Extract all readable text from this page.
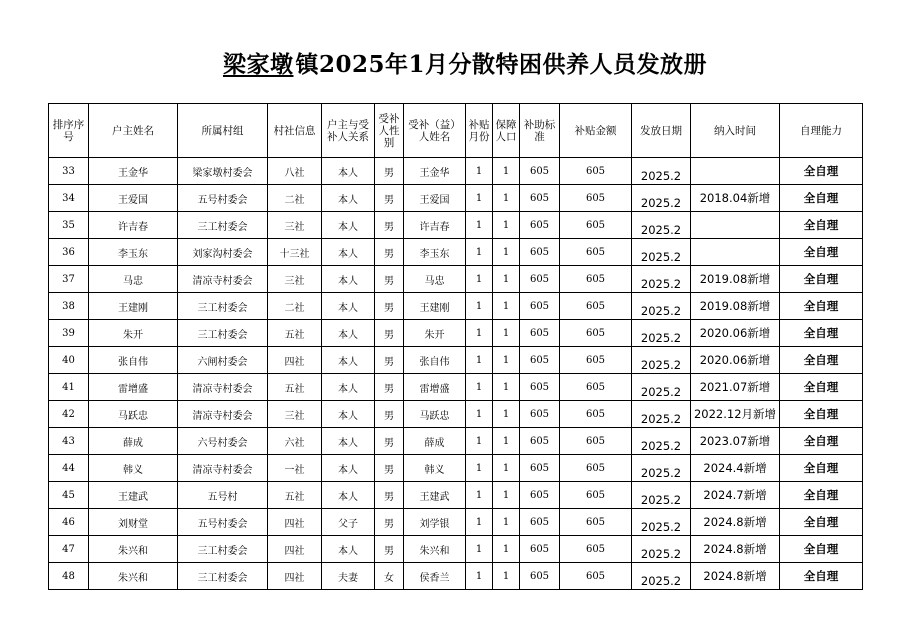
梁家墩镇2025年1月分散特困供养人员发放册
排序序号	户主姓名	所属村组	村社信息	户主与受补人关系	受补人性别	受补（益）人姓名	补贴月份	保障人口	补助标准	补贴金额	发放日期	纳入时间	自理能力
33	王金华	梁家墩村委会	八社	本人	男	王金华	1	1	605	605	2025.2		全自理
34	王爱国	五号村委会	二社	本人	男	王爱国	1	1	605	605	2025.2	2018.04新增	全自理
35	许吉春	三工村委会	三社	本人	男	许吉春	1	1	605	605	2025.2		全自理
36	李玉东	刘家沟村委会	十三社	本人	男	李玉东	1	1	605	605	2025.2		全自理
37	马忠	清凉寺村委会	三社	本人	男	马忠	1	1	605	605	2025.2	2019.08新增	全自理
38	王建刚	三工村委会	二社	本人	男	王建刚	1	1	605	605	2025.2	2019.08新增	全自理
39	朱开	三工村委会	五社	本人	男	朱开	1	1	605	605	2025.2	2020.06新增	全自理
40	张自伟	六闸村委会	四社	本人	男	张自伟	1	1	605	605	2025.2	2020.06新增	全自理
41	雷增盛	清凉寺村委会	五社	本人	男	雷增盛	1	1	605	605	2025.2	2021.07新增	全自理
42	马跃忠	清凉寺村委会	三社	本人	男	马跃忠	1	1	605	605	2025.2	2022.12月新增	全自理
43	薛成	六号村委会	六社	本人	男	薛成	1	1	605	605	2025.2	2023.07新增	全自理
44	韩义	清凉寺村委会	一社	本人	男	韩义	1	1	605	605	2025.2	2024.4新增	全自理
45	王建武	五号村	五社	本人	男	王建武	1	1	605	605	2025.2	2024.7新增	全自理
46	刘财堂	五号村委会	四社	父子	男	刘学银	1	1	605	605	2025.2	2024.8新增	全自理
47	朱兴和	三工村委会	四社	本人	男	朱兴和	1	1	605	605	2025.2	2024.8新增	全自理
48	朱兴和	三工村委会	四社	夫妻	女	侯香兰	1	1	605	605	2025.2	2024.8新增	全自理
